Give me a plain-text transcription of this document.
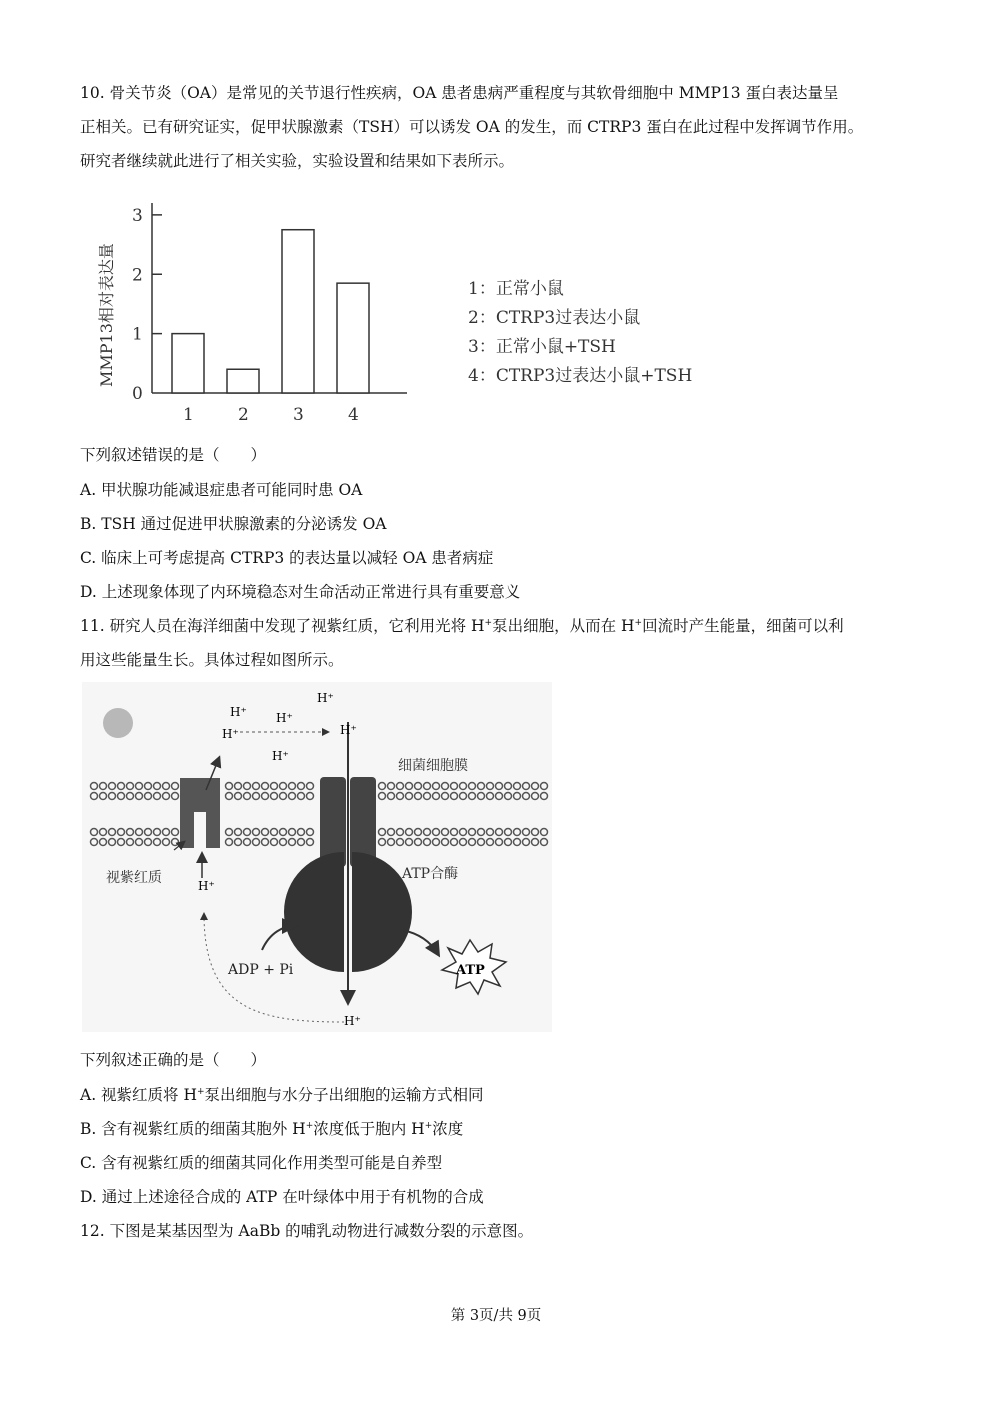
10. 骨关节炎（OA）是常见的关节退行性疾病，OA 患者患病严重程度与其软骨细胞中 MMP13 蛋白表达量呈
正相关。已有研究证实，促甲状腺激素（TSH）可以诱发 OA 的发生，而 CTRP3 蛋白在此过程中发挥调节作用。
研究者继续就此进行了相关实验，实验设置和结果如下表所示。
0
1
2
3
MMP13相对表达量
1	2	3	4
1：正常小鼠
2：CTRP3过表达小鼠
3：正常小鼠+TSH
4：CTRP3过表达小鼠+TSH
下列叙述错误的是（　　）
A. 甲状腺功能减退症患者可能同时患 OA
B. TSH 通过促进甲状腺激素的分泌诱发 OA
C. 临床上可考虑提高 CTRP3 的表达量以减轻 OA 患者病症
D. 上述现象体现了内环境稳态对生命活动正常进行具有重要意义
11. 研究人员在海洋细菌中发现了视紫红质，它利用光将 H+泵出细胞，从而在 H+回流时产生能量，细菌可以利
用这些能量生长。具体过程如图所示。
H⁺
H⁺
H⁺
H⁺	H⁺
H⁺
H⁺
H⁺
细菌细胞膜
视紫红质	ATP合酶
ADP + Pi	ATP
下列叙述正确的是（　　）
A. 视紫红质将 H+泵出细胞与水分子出细胞的运输方式相同
B. 含有视紫红质的细菌其胞外 H+浓度低于胞内 H+浓度
C. 含有视紫红质的细菌其同化作用类型可能是自养型
D. 通过上述途径合成的 ATP 在叶绿体中用于有机物的合成
12. 下图是某基因型为 AaBb 的哺乳动物进行减数分裂的示意图。
第 3页/共 9页
